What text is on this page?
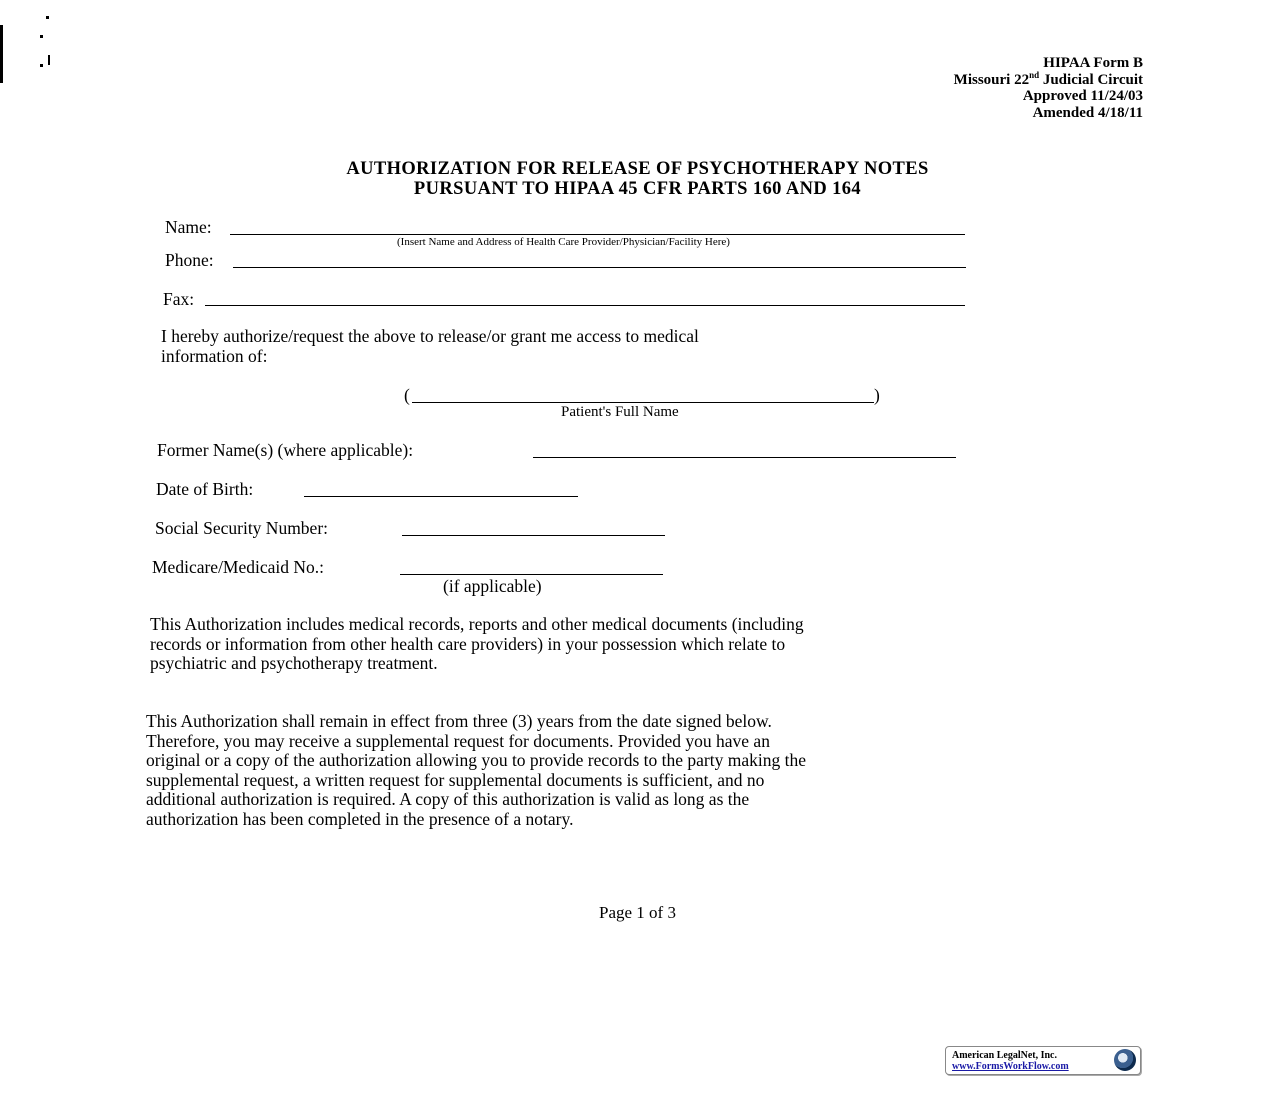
HIPAA Form B
Missouri 22nd Judicial Circuit
Approved 11/24/03
Amended 4/18/11
AUTHORIZATION FOR RELEASE OF PSYCHOTHERAPY NOTES
PURSUANT TO HIPAA 45 CFR PARTS 160 AND 164
Name:
(Insert Name and Address of Health Care Provider/Physician/Facility Here)
Phone:
Fax:
I hereby authorize/request the above to release/or grant me access to medical
information of:
(	)
Patient's Full Name
Former Name(s) (where applicable):
Date of Birth:
Social Security Number:
Medicare/Medicaid No.:
(if applicable)
This Authorization includes medical records, reports and other medical documents (including
records or information from other health care providers) in your possession which relate to
psychiatric and psychotherapy treatment.
This Authorization shall remain in effect from three (3) years from the date signed below.
Therefore, you may receive a supplemental request for documents. Provided you have an
original or a copy of the authorization allowing you to provide records to the party making the
supplemental request, a written request for supplemental documents is sufficient, and no
additional authorization is required. A copy of this authorization is valid as long as the
authorization has been completed in the presence of a notary.
Page 1 of 3
American LegalNet, Inc.
www.FormsWorkFlow.com
